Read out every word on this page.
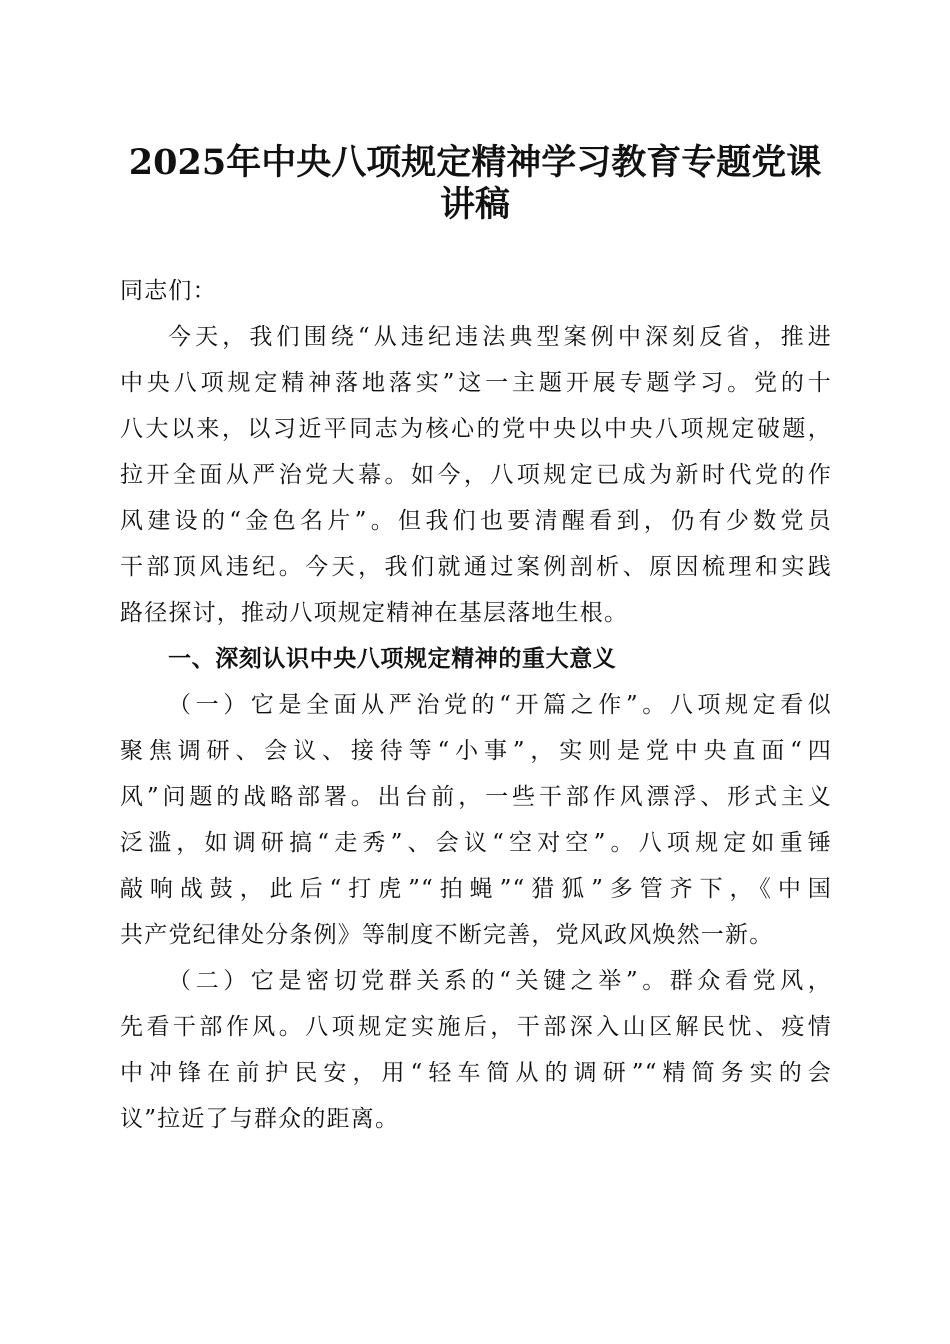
2025年中央八项规定精神学习教育专题党课
讲稿
同志们：
今天，我们围绕“从违纪违法典型案例中深刻反省，推进
中央八项规定精神落地落实”这一主题开展专题学习。党的十
八大以来，以习近平同志为核心的党中央以中央八项规定破题，
拉开全面从严治党大幕。如今，八项规定已成为新时代党的作
风建设的“金色名片”。但我们也要清醒看到，仍有少数党员
干部顶风违纪。今天，我们就通过案例剖析、原因梳理和实践
路径探讨，推动八项规定精神在基层落地生根。
一、深刻认识中央八项规定精神的重大意义
（一）它是全面从严治党的“开篇之作”。八项规定看似
聚焦调研、会议、接待等“小事”，实则是党中央直面“四
风”问题的战略部署。出台前，一些干部作风漂浮、形式主义
泛滥，如调研搞“走秀”、会议“空对空”。八项规定如重锤
敲响战鼓，此后“打虎”“拍蝇”“猎狐”多管齐下，《中国
共产党纪律处分条例》等制度不断完善，党风政风焕然一新。
（二）它是密切党群关系的“关键之举”。群众看党风，
先看干部作风。八项规定实施后，干部深入山区解民忧、疫情
中冲锋在前护民安，用“轻车简从的调研”“精简务实的会
议”拉近了与群众的距离。
